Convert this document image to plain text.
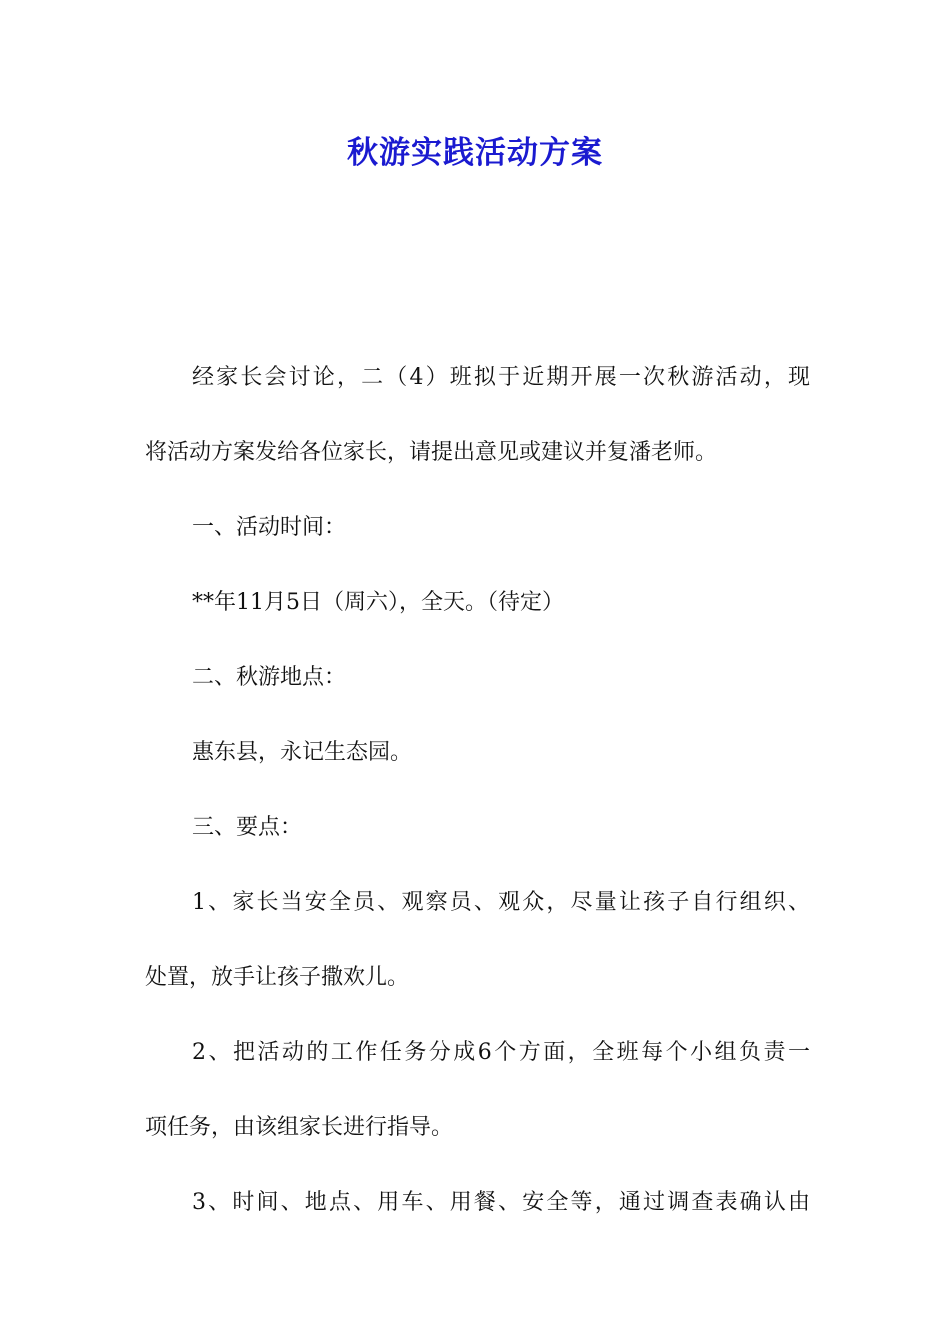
秋游实践活动方案

经家长会讨论，二（4）班拟于近期开展一次秋游活动，现

将活动方案发给各位家长，请提出意见或建议并复潘老师。

一、活动时间：

**年11月5日（周六），全天。（待定）

二、秋游地点：

惠东县，永记生态园。

三、要点：

1、家长当安全员、观察员、观众，尽量让孩子自行组织、

处置，放手让孩子撒欢儿。

2、把活动的工作任务分成6个方面，全班每个小组负责一

项任务，由该组家长进行指导。

3、时间、地点、用车、用餐、安全等，通过调查表确认由
